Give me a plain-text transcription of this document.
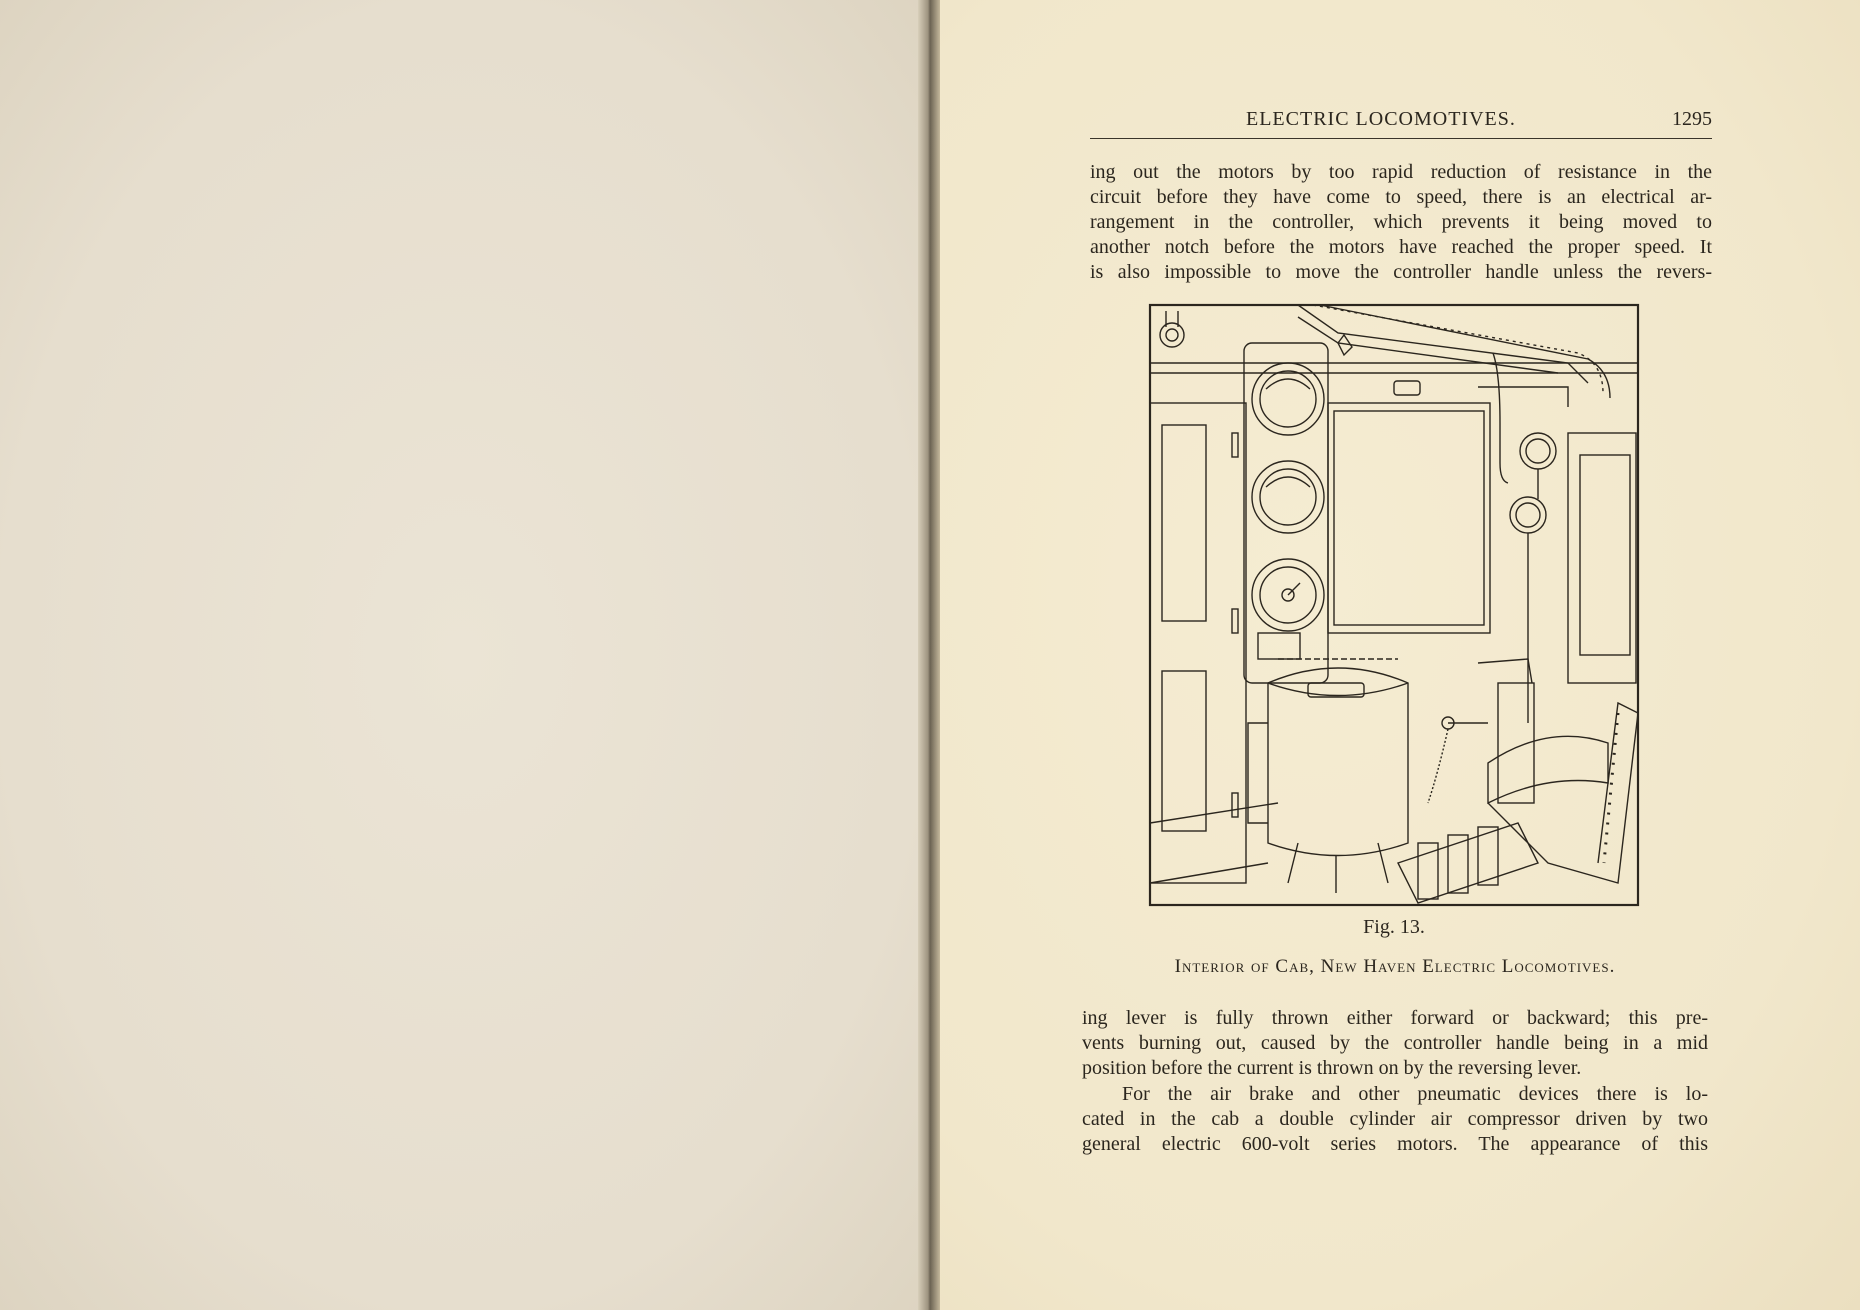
ELECTRIC LOCOMOTIVES.	1295
ing out the motors by too rapid reduction of resistance in the
circuit before they have come to speed, there is an electrical ar-
rangement in the controller, which prevents it being moved to
another notch before the motors have reached the proper speed. It
is also impossible to move the controller handle unless the revers-
Fig. 13.
Interior of Cab, New Haven Electric Locomotives.
ing lever is fully thrown either forward or backward; this pre-
vents burning out, caused by the controller handle being in a mid
position before the current is thrown on by the reversing lever.
For the air brake and other pneumatic devices there is lo-
cated in the cab a double cylinder air compressor driven by two
general electric 600-volt series motors. The appearance of this
